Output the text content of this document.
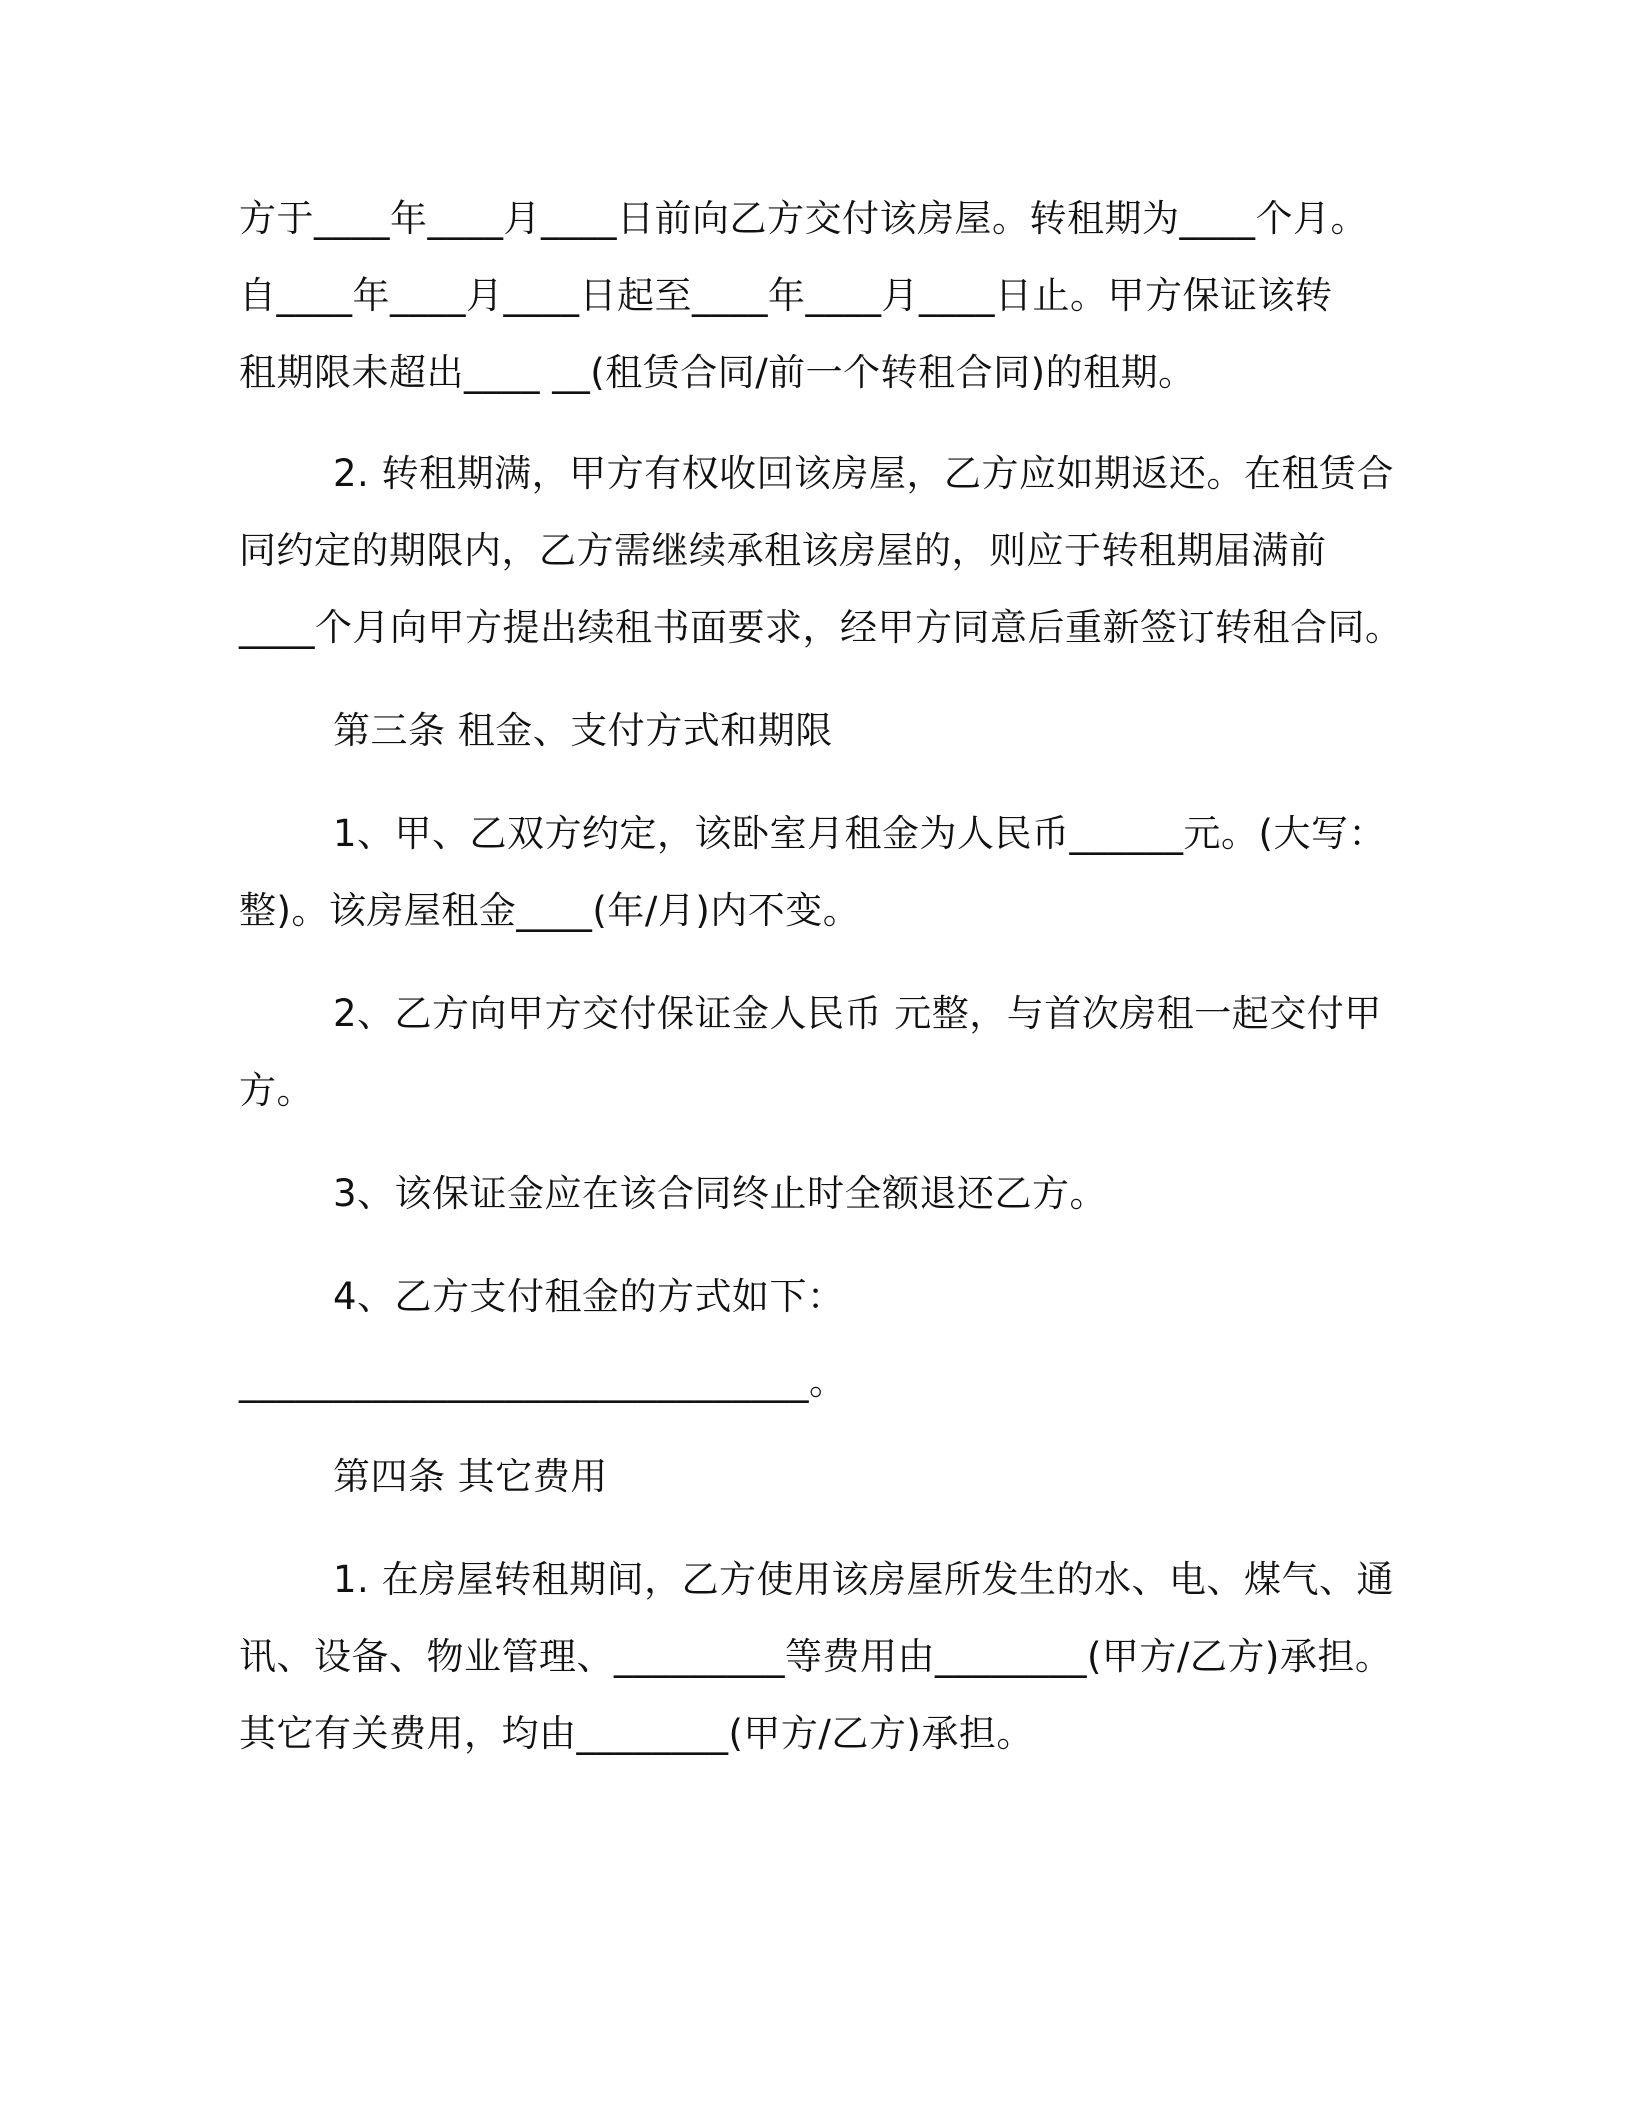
方于____年____月____日前向乙方交付该房屋。转租期为____个月。
自____年____月____日起至____年____月____日止。甲方保证该转
租期限未超出____ __(租赁合同/前一个转租合同)的租期。
2. 转租期满，甲方有权收回该房屋，乙方应如期返还。在租赁合
同约定的期限内，乙方需继续承租该房屋的，则应于转租期届满前
____个月向甲方提出续租书面要求，经甲方同意后重新签订转租合同。
第三条 租金、支付方式和期限
1、甲、乙双方约定，该卧室月租金为人民币______元。(大写：
整)。该房屋租金____(年/月)内不变。
2、乙方向甲方交付保证金人民币 元整，与首次房租一起交付甲
方。
3、该保证金应在该合同终止时全额退还乙方。
4、乙方支付租金的方式如下：
______________________________。
第四条 其它费用
1. 在房屋转租期间，乙方使用该房屋所发生的水、电、煤气、通
讯、设备、物业管理、_________等费用由________(甲方/乙方)承担。
其它有关费用，均由________(甲方/乙方)承担。
